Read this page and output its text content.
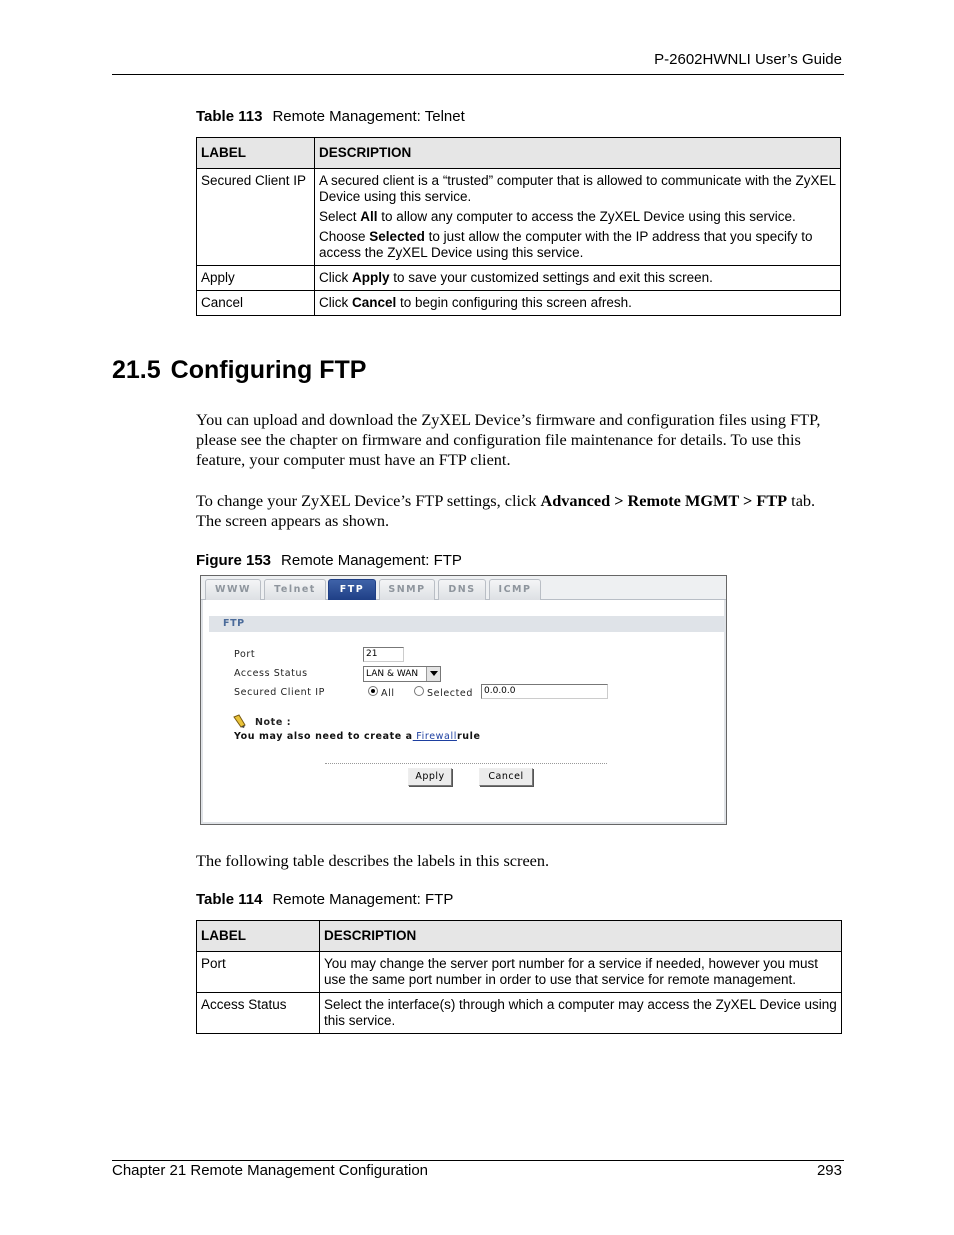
P-2602HWNLI User’s Guide
Table 113 Remote Management: Telnet
LABEL	DESCRIPTION
Secured Client IP	A secured client is a “trusted” computer that is allowed to communicate with the ZyXEL Device using this service.

Select All to allow any computer to access the ZyXEL Device using this service.

Choose Selected to just allow the computer with the IP address that you specify to access the ZyXEL Device using this service.

Apply	Click Apply to save your customized settings and exit this screen.
Cancel	Click Cancel to begin configuring this screen afresh.
21.5 Configuring FTP
You can upload and download the ZyXEL Device’s firmware and configuration files using FTP, please see the chapter on firmware and configuration file maintenance for details. To use this feature, your computer must have an FTP client.
To change your ZyXEL Device’s FTP settings, click Advanced > Remote MGMT > FTP tab. The screen appears as shown.
Figure 153 Remote Management: FTP
WWW	Telnet	FTP	SNMP	DNS	ICMP
FTP
Port	21
Access Status	LAN & WAN
Secured Client IP	All	Selected	0.0.0.0
Note :
You may also need to create a Firewallrule
Apply	Cancel
The following table describes the labels in this screen.
Table 114 Remote Management: FTP
LABEL	DESCRIPTION
Port	You may change the server port number for a service if needed, however you must use the same port number in order to use that service for remote management.
Access Status	Select the interface(s) through which a computer may access the ZyXEL Device using this service.
Chapter 21 Remote Management Configuration	293
